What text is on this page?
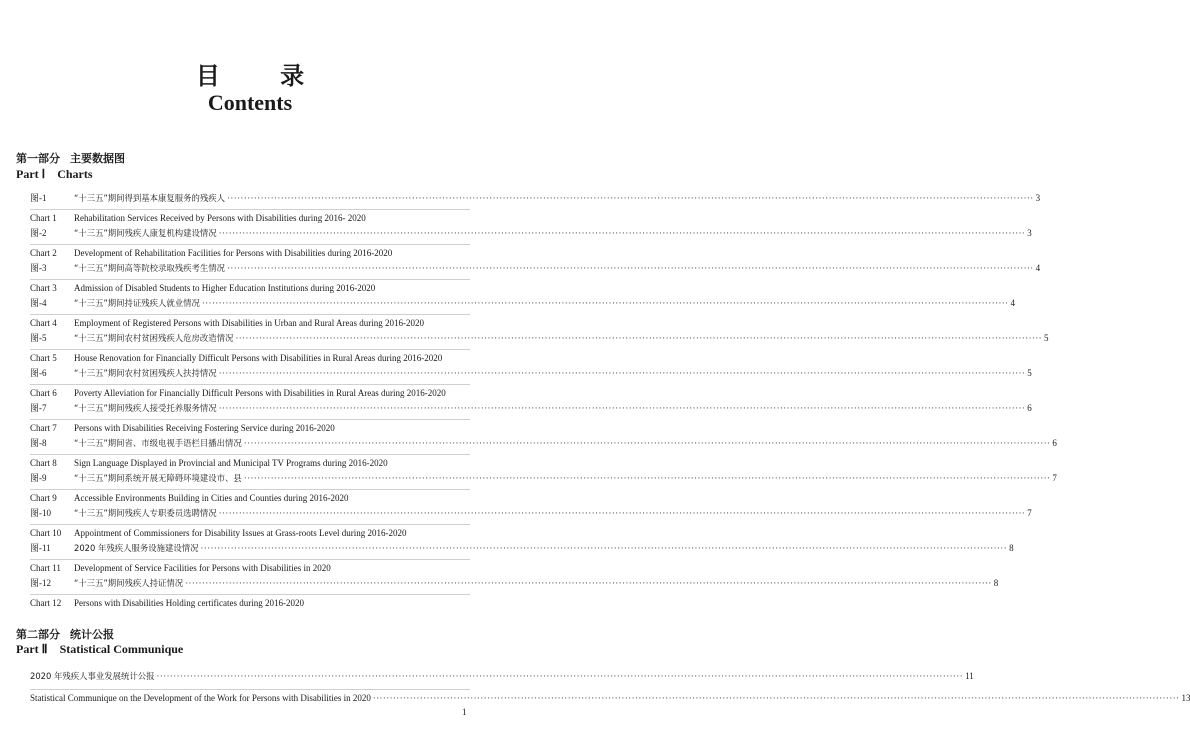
目 录
Contents
第一部分 主要数据图
Part Ⅰ Charts
图-1	“十三五”期间得到基本康复服务的残疾人 ················································································································································································································································ 3
Chart 1	Rehabilitation Services Received by Persons with Disabilities during 2016- 2020
图-2	“十三五”期间残疾人康复机构建设情况 ················································································································································································································································ 3
Chart 2	Development of Rehabilitation Facilities for Persons with Disabilities during 2016-2020
图-3	“十三五”期间高等院校录取残疾考生情况 ················································································································································································································································ 4
Chart 3	Admission of Disabled Students to Higher Education Institutions during 2016-2020
图-4	“十三五”期间持证残疾人就业情况 ················································································································································································································································ 4
Chart 4	Employment of Registered Persons with Disabilities in Urban and Rural Areas during 2016-2020
图-5	“十三五”期间农村贫困残疾人危房改造情况 ················································································································································································································································ 5
Chart 5	House Renovation for Financially Difficult Persons with Disabilities in Rural Areas during 2016-2020
图-6	“十三五”期间农村贫困残疾人扶持情况 ················································································································································································································································ 5
Chart 6	Poverty Alleviation for Financially Difficult Persons with Disabilities in Rural Areas during 2016-2020
图-7	“十三五”期间残疾人接受托养服务情况 ················································································································································································································································ 6
Chart 7	Persons with Disabilities Receiving Fostering Service during 2016-2020
图-8	“十三五”期间省、市级电视手语栏目播出情况 ················································································································································································································································ 6
Chart 8	Sign Language Displayed in Provincial and Municipal TV Programs during 2016-2020
图-9	“十三五”期间系统开展无障碍环境建设市、县 ················································································································································································································································ 7
Chart 9	Accessible Environments Building in Cities and Counties during 2016-2020
图-10	“十三五”期间残疾人专职委员选聘情况 ················································································································································································································································ 7
Chart 10	Appointment of Commissioners for Disability Issues at Grass-roots Level during 2016-2020
图-11	2020 年残疾人服务设施建设情况 ················································································································································································································································ 8
Chart 11	Development of Service Facilities for Persons with Disabilities in 2020
图-12	“十三五”期间残疾人持证情况 ················································································································································································································································ 8
Chart 12	Persons with Disabilities Holding certificates during 2016-2020
第二部分 统计公报
Part Ⅱ Statistical Communique
2020 年残疾人事业发展统计公报 ················································································································································································································································ 11
Statistical Communique on the Development of the Work for Persons with Disabilities in 2020 ················································································································································································································································ 13
1
